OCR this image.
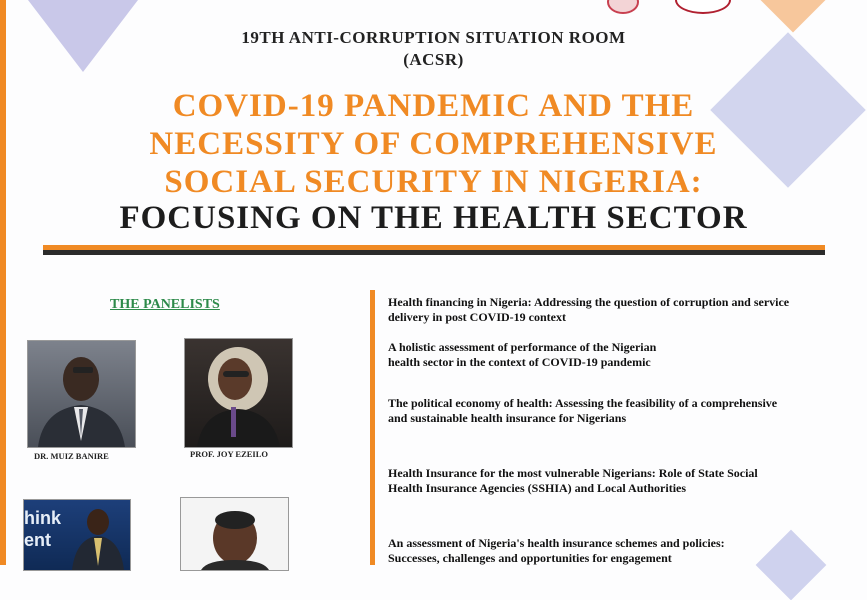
19TH ANTI-CORRUPTION SITUATION ROOM
(ACSR)
COVID-19 PANDEMIC AND THE
NECESSITY OF COMPREHENSIVE
SOCIAL SECURITY IN NIGERIA:
FOCUSING ON THE HEALTH SECTOR
THE PANELISTS
DR. MUIZ BANIRE	PROF. JOY EZEILO
hink
ent
Health financing in Nigeria: Addressing the question of corruption and service
delivery in post COVID-19 context
A holistic assessment of performance of the Nigerian
health sector in the context of COVID-19 pandemic
The political economy of health: Assessing the feasibility of a comprehensive
and sustainable health insurance for Nigerians
Health Insurance for the most vulnerable Nigerians: Role of State Social
Health Insurance Agencies (SSHIA) and Local Authorities
An assessment of Nigeria's health insurance schemes and policies:
Successes, challenges and opportunities for engagement
